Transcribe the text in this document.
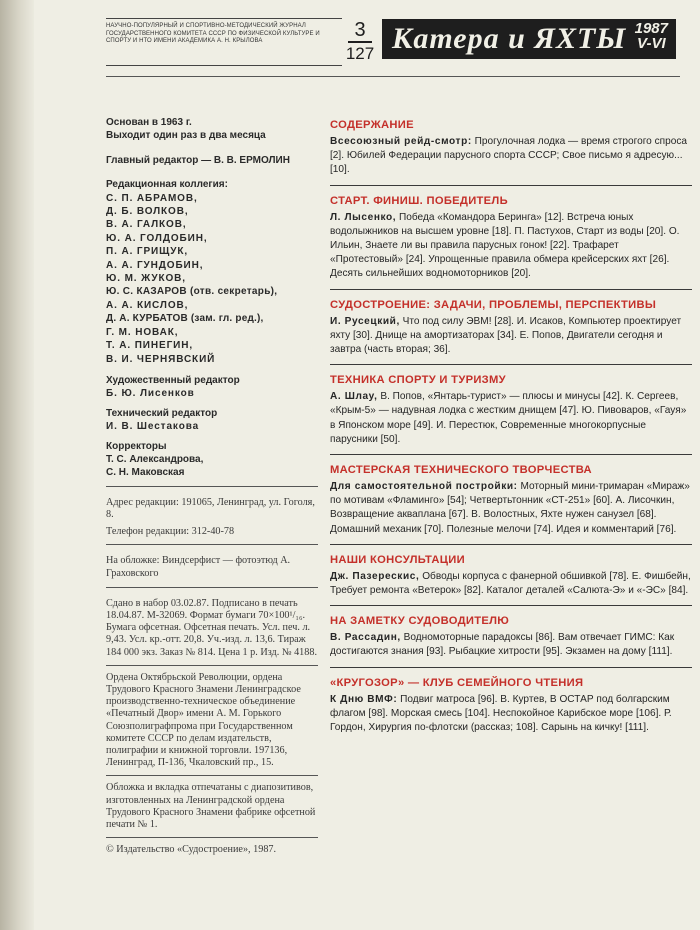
НАУЧНО-ПОПУЛЯРНЫЙ И СПОРТИВНО-МЕТОДИЧЕСКИЙ ЖУРНАЛ ГОСУДАРСТВЕННОГО КОМИТЕТА СССР ПО ФИЗИЧЕСКОЙ КУЛЬТУРЕ И СПОРТУ И НТО ИМЕНИ АКАДЕМИКА А. Н. КРЫЛОВА
3
127 Катера и ЯХТЫ 1987
V-VI
Основан в 1963 г.
Выходит один раз в два месяца
Главный редактор — В. В. ЕРМОЛИН
Редакционная коллегия:
С. П. АБРАМОВ,
Д. Б. ВОЛКОВ,
В. А. ГАЛКОВ,
Ю. А. ГОЛДОБИН,
П. А. ГРИЩУК,
А. А. ГУНДОБИН,
Ю. М. ЖУКОВ,
Ю. С. КАЗАРОВ (отв. секретарь),
А. А. КИСЛОВ,
Д. А. КУРБАТОВ (зам. гл. ред.),
Г. М. НОВАК,
Т. А. ПИНЕГИН,
В. И. ЧЕРНЯВСКИЙ
Художественный редактор
Б. Ю. Лисенков
Технический редактор
И. В. Шестакова
Корректоры
Т. С. Александрова,
С. Н. Маковская
Адрес редакции: 191065, Ленинград, ул. Гоголя, 8.
Телефон редакции: 312-40-78
На обложке: Виндсерфист — фотоэтюд А. Граховского
Сдано в набор 03.02.87. Подписано в печать 18.04.87. М-32069. Формат бумаги 70×100¹/₁₆. Бумага офсетная. Офсетная печать. Усл. печ. л. 9,43. Усл. кр.-отт. 20,8. Уч.-изд. л. 13,6. Тираж 184 000 экз. Заказ № 814. Цена 1 р. Изд. № 4188.
Ордена Октябрьской Революции, ордена Трудового Красного Знамени Ленинградское производственно-техническое объединение «Печатный Двор» имени А. М. Горького Союзполиграфпрома при Государственном комитете СССР по делам издательств, полиграфии и книжной торговли. 197136, Ленинград, П-136, Чкаловский пр., 15.
Обложка и вкладка отпечатаны с диапозитивов, изготовленных на Ленинградской ордена Трудового Красного Знамени фабрике офсетной печати № 1.
© Издательство «Судостроение», 1987.
СОДЕРЖАНИЕ
Всесоюзный рейд-смотр: Прогулочная лодка — время строгого спроса [2]. Юбилей Федерации парусного спорта СССР; Свое письмо я адресую... [10].
СТАРТ. ФИНИШ. ПОБЕДИТЕЛЬ
Л. Лысенко, Победа «Командора Беринга» [12]. Встреча юных водолыжников на высшем уровне [18]. П. Пастухов, Старт из воды [20]. О. Ильин, Знаете ли вы правила парусных гонок! [22]. Трафарет «Протестовый» [24]. Упрощенные правила обмера крейсерских яхт [26]. Десять сильнейших водномоторников [20].
СУДОСТРОЕНИЕ: ЗАДАЧИ, ПРОБЛЕМЫ, ПЕРСПЕКТИВЫ
И. Русецкий, Что под силу ЭВМ! [28]. И. Исаков, Компьютер проектирует яхту [30]. Днище на амортизаторах [34]. Е. Попов, Двигатели сегодня и завтра (часть вторая; 36].
ТЕХНИКА СПОРТУ И ТУРИЗМУ
А. Шлау, В. Попов, «Янтарь-турист» — плюсы и минусы [42]. К. Сергеев, «Крым-5» — надувная лодка с жестким днищем [47]. Ю. Пивоваров, «Гауя» в Японском море [49]. И. Перестюк, Современные многокорпусные парусники [50].
МАСТЕРСКАЯ ТЕХНИЧЕСКОГО ТВОРЧЕСТВА
Для самостоятельной постройки: Моторный мини-тримаран «Мираж» по мотивам «Фламинго» [54]; Четвертьтонник «СТ-251» [60]. А. Лисочкин, Возвращение акваплана [67]. В. Волостных, Яхте нужен санузел [68]. Домашний механик [70]. Полезные мелочи [74]. Идея и комментарий [76].
НАШИ КОНСУЛЬТАЦИИ
Дж. Пазерескис, Обводы корпуса с фанерной обшивкой [78]. Е. Фишбейн, Требует ремонта «Ветерок» [82]. Каталог деталей «Салюта-Э» и «-ЭС» [84].
НА ЗАМЕТКУ СУДОВОДИТЕЛЮ
В. Рассадин, Водномоторные парадоксы [86]. Вам отвечает ГИМС: Как достигаются знания [93]. Рыбацкие хитрости [95]. Экзамен на дому [111].
«КРУГОЗОР» — КЛУБ СЕМЕЙНОГО ЧТЕНИЯ
К Дню ВМФ: Подвиг матроса [96]. В. Куртев, В ОСТАР под болгарским флагом [98]. Морская смесь [104]. Неспокойное Карибское море [106]. Р. Гордон, Хирургия по-флотски (рассказ; 108]. Сарынь на кичку! [111].
